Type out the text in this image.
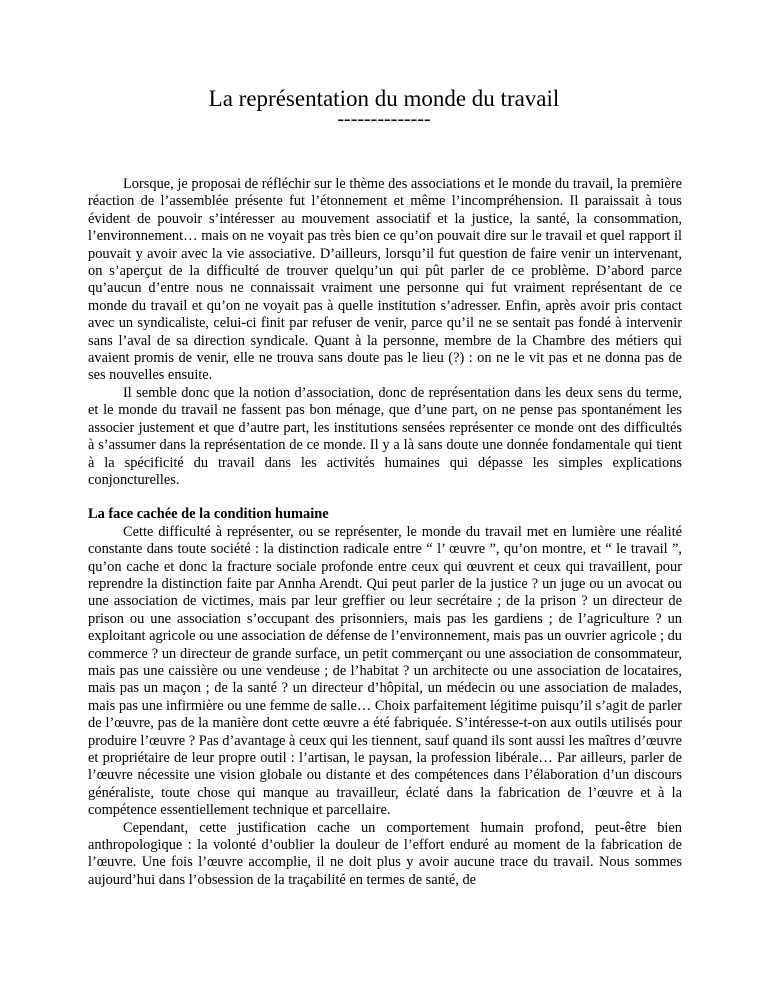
La représentation du monde du travail
--------------

Lorsque, je proposai de réfléchir sur le thème des associations et le monde du travail, la première réaction de l’assemblée présente fut l’étonnement et même l’incompréhension. Il paraissait à tous évident de pouvoir s’intéresser au mouvement associatif et la justice, la santé, la consommation, l’environnement… mais on ne voyait pas très bien ce qu’on pouvait dire sur le travail et quel rapport il pouvait y avoir avec la vie associative. D’ailleurs, lorsqu’il fut question de faire venir un intervenant, on s’aperçut de la difficulté de trouver quelqu’un qui pût parler de ce problème. D’abord parce qu’aucun d’entre nous ne connaissait vraiment une personne qui fut vraiment représentant de ce monde du travail et qu’on ne voyait pas à quelle institution s’adresser. Enfin, après avoir pris contact avec un syndicaliste, celui-ci finit par refuser de venir, parce qu’il ne se sentait pas fondé à intervenir sans l’aval de sa direction syndicale. Quant à la personne, membre de la Chambre des métiers qui avaient promis de venir, elle ne trouva sans doute pas le lieu (?) : on ne le vit pas et ne donna pas de ses nouvelles ensuite.

Il semble donc que la notion d’association, donc de représentation dans les deux sens du terme, et le monde du travail ne fassent pas bon ménage, que d’une part, on ne pense pas spontanément les associer justement et que d’autre part, les institutions sensées représenter ce monde ont des difficultés à s’assumer dans la représentation de ce monde. Il y a là sans doute une donnée fondamentale qui tient à la spécificité du travail dans les activités humaines qui dépasse les simples explications conjoncturelles.

La face cachée de la condition humaine

Cette difficulté à représenter, ou se représenter, le monde du travail met en lumière une réalité constante dans toute société : la distinction radicale entre “ l’ œuvre ”, qu’on montre, et “ le travail ”, qu’on cache et donc la fracture sociale profonde entre ceux qui œuvrent et ceux qui travaillent, pour reprendre la distinction faite par Annha Arendt. Qui peut parler de la justice ? un juge ou un avocat ou une association de victimes, mais par leur greffier ou leur secrétaire ; de la prison ? un directeur de prison ou une association s’occupant des prisonniers, mais pas les gardiens ; de l’agriculture ? un exploitant agricole ou une association de défense de l’environnement, mais pas un ouvrier agricole ; du commerce ? un directeur de grande surface, un petit commerçant ou une association de consommateur, mais pas une caissière ou une vendeuse ; de l’habitat ? un architecte ou une association de locataires, mais pas un maçon ; de la santé ? un directeur d’hôpital, un médecin ou une association de malades, mais pas une infirmière ou une femme de salle… Choix parfaitement légitime puisqu’il s’agit de parler de l’œuvre, pas de la manière dont cette œuvre a été fabriquée. S’intéresse-t-on aux outils utilisés pour produire l’œuvre ? Pas d’avantage à ceux qui les tiennent, sauf quand ils sont aussi les maîtres d’œuvre et propriétaire de leur propre outil : l’artisan, le paysan, la profession libérale… Par ailleurs, parler de l’œuvre nécessite une vision globale ou distante et des compétences dans l’élaboration d’un discours généraliste, toute chose qui manque au travailleur, éclaté dans la fabrication de l’œuvre et à la compétence essentiellement technique et parcellaire.

Cependant, cette justification cache un comportement humain profond, peut-être bien anthropologique : la volonté d’oublier la douleur de l’effort enduré au moment de la fabrication de l’œuvre. Une fois l’œuvre accomplie, il ne doit plus y avoir aucune trace du travail. Nous sommes aujourd’hui dans l’obsession de la traçabilité en termes de santé, de
